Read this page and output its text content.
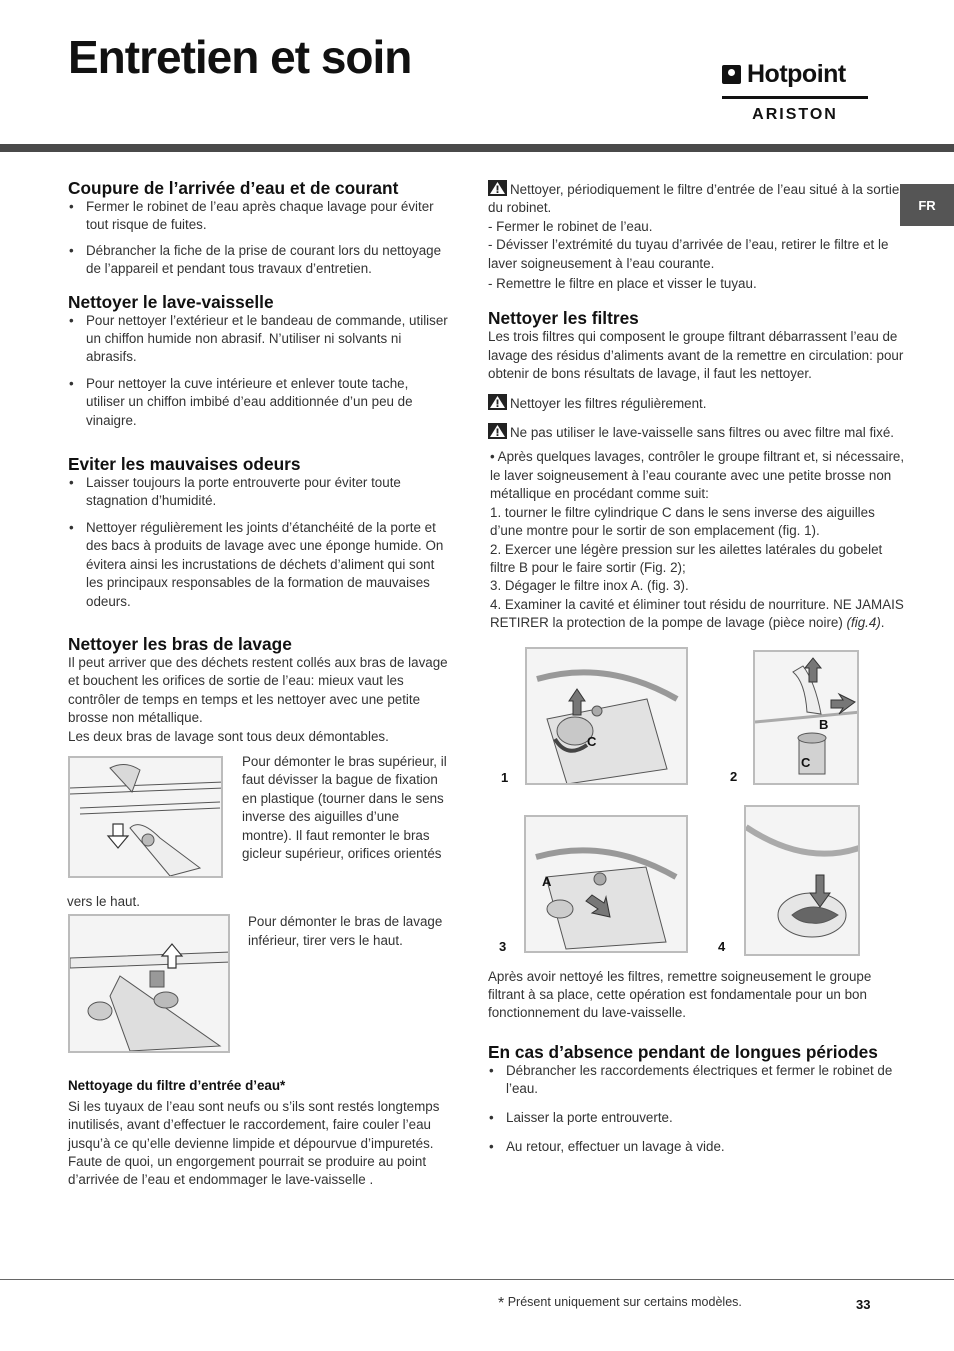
Entretien et soin	Hotpoint
ARISTON
FR
Coupure de l’arrivée d’eau et de courant
• Fermer le robinet de l’eau après chaque lavage pour éviter tout risque de fuites.
• Débrancher la fiche de la prise de courant lors du nettoyage de l’appareil et pendant tous travaux d’entretien.
Nettoyer le lave-vaisselle
• Pour nettoyer l’extérieur et le bandeau de commande, utiliser un chiffon humide non abrasif. N’utiliser ni solvants ni abrasifs.
• Pour nettoyer la cuve intérieure et enlever toute tache, utiliser un chiffon imbibé d’eau additionnée d’un peu de vinaigre.
Eviter les mauvaises odeurs
• Laisser toujours la porte entrouverte pour éviter toute stagnation d’humidité.
• Nettoyer régulièrement les joints d’étanchéité de la porte et des bacs à produits de lavage avec une éponge humide. On évitera ainsi les incrustations de déchets d’aliment qui sont les principaux responsables de la formation de mauvaises odeurs.
Nettoyer les bras de lavage

Il peut arriver que des déchets restent collés aux bras de lavage et bouchent les orifices de sortie de l’eau: mieux vaut les contrôler de temps en temps et les nettoyer avec une petite brosse non métallique.

Les deux bras de lavage sont tous deux démontables.

Pour démonter le bras supérieur, il faut dévisser la bague de fixation en plastique (tourner dans le sens inverse des aiguilles d’une montre). Il faut remonter le bras gicleur supérieur, orifices orientés
vers le haut.
Pour démonter le bras de lavage inférieur, tirer vers le haut.
Nettoyage du filtre d’entrée d’eau*

Si les tuyaux de l’eau sont neufs ou s’ils sont restés longtemps inutilisés, avant d’effectuer le raccordement, faire couler l’eau jusqu’à ce qu’elle devienne limpide et dépourvue d’impuretés. Faute de quoi, un engorgement pourrait se produire au point d’arrivée de l’eau et endommager le lave-vaisselle .

Nettoyer, périodiquement le filtre d’entrée de l’eau situé à la sortie du robinet.

- Fermer le robinet de l’eau.

- Dévisser l’extrémité du tuyau d’arrivée de l’eau, retirer le filtre et le laver soigneusement à l’eau courante.

- Remettre le filtre en place et visser le tuyau.

Nettoyer les filtres

Les trois filtres qui composent le groupe filtrant débarrassent l’eau de lavage des résidus d’aliments avant de la remettre en circulation: pour obtenir de bons résultats de lavage, il faut les nettoyer.

Nettoyer les filtres régulièrement.

Ne pas utiliser le lave-vaisselle sans filtres ou avec filtre mal fixé.

• Après quelques lavages, contrôler le groupe filtrant et, si nécessaire, le laver soigneusement à l’eau courante avec une petite brosse non métallique en procédant comme suit:

1. tourner le filtre cylindrique C dans le sens inverse des aiguilles d’une montre pour le sortir de son emplacement (fig. 1).

2. Exercer une légère pression sur les ailettes latérales du gobelet filtre B pour le faire sortir (Fig. 2);

3. Dégager le filtre inox A. (fig. 3).

4. Examiner la cavité et éliminer tout résidu de nourriture. NE JAMAIS RETIRER la protection de la pompe de lavage (pièce noire) (fig.4).

C
1
B
C
2
A
3	4

Après avoir nettoyé les filtres, remettre soigneusement le groupe filtrant à sa place, cette opération est fondamentale pour un bon fonctionnement du lave-vaisselle.

En cas d’absence pendant de longues périodes
• Débrancher les raccordements électriques et fermer le robinet de l’eau.
• Laisser la porte entrouverte.
• Au retour, effectuer un lavage à vide.
* Présent uniquement sur certains modèles.	33
